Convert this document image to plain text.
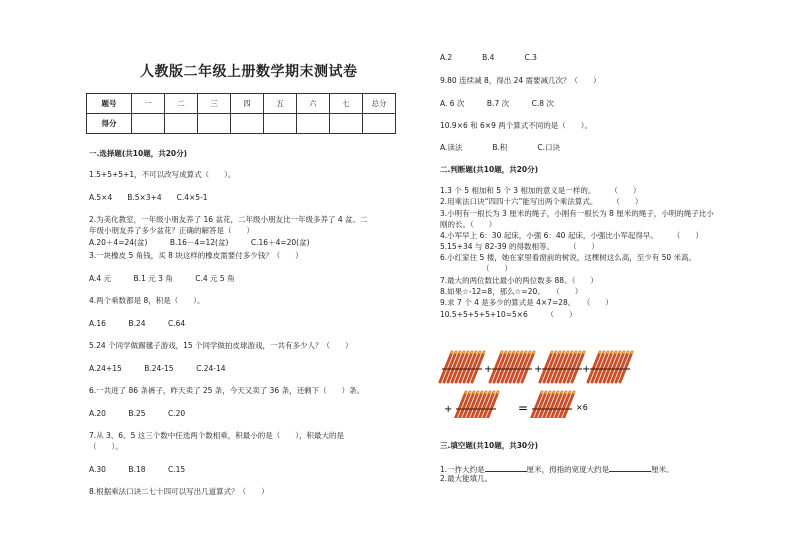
人教版二年级上册数学期末测试卷
题号	一	二	三	四	五	六	七	总分
得分								
一.选择题(共10题，共20分)
1.5+5+5+1，不可以改写成算式（　　）。
A.5×4　　B.5×3+4　　C.4×5-1
2.为美化教室，一年级小朋友养了 16 盆花，二年级小朋友比一年级多养了 4 盆。二
年级小朋友养了多少盆花？正确的解答是（　　）
A.20＋4=24(盆)　　　B.16－4=12(盆)　　　C.16＋4=20(盆)
3.一块橡皮 5 角钱，买 8 块这样的橡皮需要付多少钱？（　　）
A.4 元　　　B.1 元 3 角　　　C.4 元 5 角
4.两个乘数都是 8，积是（　　）。
A.16　　　B.24　　　C.64
5.24 个同学做踢毽子游戏，15 个同学做拍皮球游戏，一共有多少人？（　　）
A.24+15　　　B.24-15　　　C.24-14
6.一共进了 86 条裤子，昨天卖了 25 条，今天又卖了 36 条，还剩下（　　）条。
A.20　　　B.25　　　C.20
7.从 3、6、5 这三个数中任选两个数相乘，积最小的是（　　），积最大的是
（　　）。
A.30　　　B.18　　　C.15
8.根据乘法口诀二七十四可以写出几道算式？（　　）
A.2　　　　B.4　　　　C.3
9.80 连续减 8，得出 24 需要减几次？（　　）
A. 6 次　　　B.7 次　　　C.8 次
10.9×6 和 6×9 两个算式不同的是（　　）。
A.读法　　　　B.积　　　　C.口诀
二.判断题(共10题，共20分)
1.3 个 5 相加和 5 个 3 相加的意义是一样的。　　　（　　）
2.用乘法口诀“四四十六”能写出两个乘法算式。　　　（　　）
3.小明有一根长为 3 厘米的绳子，小刚有一根长为 8 厘米的绳子，小明的绳子比小
刚的长。（　　）
4.小军早上 6：30 起床，小强 6：40 起床，小强比小军起得早。　　　（　　）
5.15+34 与 82-39 的得数相等。　　　（　　）
6.小红家住 5 楼，她在家里看窗前的树说，这棵树这么高，至少有 50 米高。
（　　）
7.最大的两位数比最小的两位数多 88。（　　）
8.如果☆-12=8，那么☆=20。　　（　　）
9.求 7 个 4 是多少的算式是 4×7=28。　　（　　）
10.5+5+5+5+10=5×6　　　（　　）
+	+	+
+	=	×6
三.填空题(共10题，共30分)
1.一拃大约是	厘米，拇指的宽度大约是	厘米。
2.最大能填几。
